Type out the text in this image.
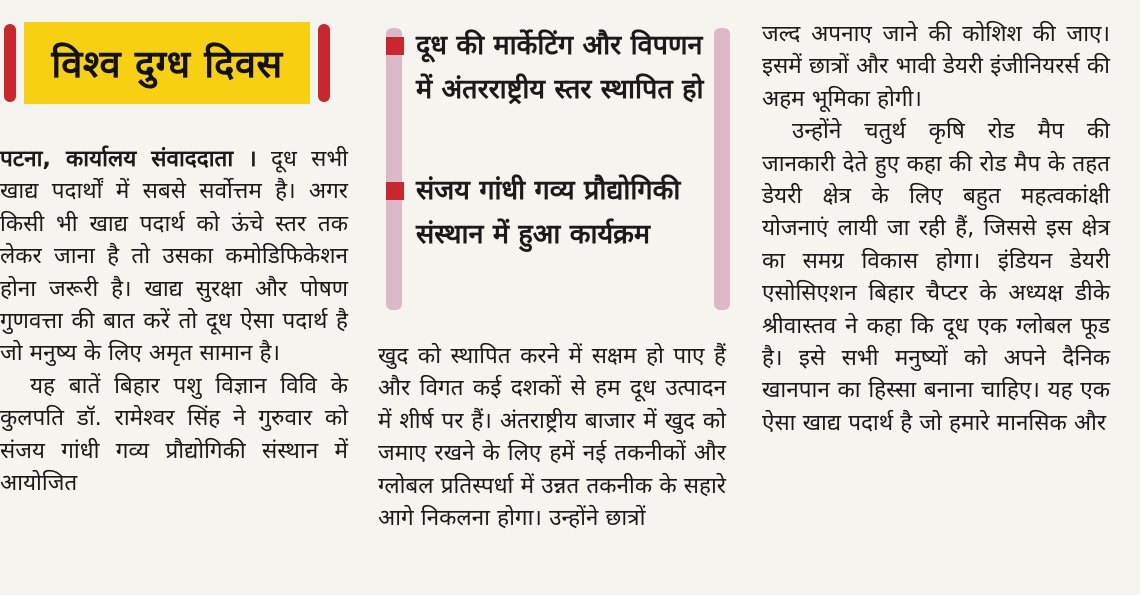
विश्व दुग्ध दिवस
पटना, कार्यालय संवाददाता । दूध सभी खाद्य पदार्थों में सबसे सर्वोत्तम है। अगर किसी भी खाद्य पदार्थ को ऊंचे स्तर तक लेकर जाना है तो उसका कमोडिफिकेशन होना जरूरी है। खाद्य सुरक्षा और पोषण गुणवत्ता की बात करें तो दूध ऐसा पदार्थ है जो मनुष्य के लिए अमृत सामान है।
यह बातें बिहार पशु विज्ञान विवि के कुलपति डॉ. रामेश्वर सिंह ने गुरुवार को संजय गांधी गव्य प्रौद्योगिकी संस्थान में आयोजित
दूध की मार्केटिंग और विपणन में अंतरराष्ट्रीय स्तर स्थापित हो
संजय गांधी गव्य प्रौद्योगिकी संस्थान में हुआ कार्यक्रम
खुद को स्थापित करने में सक्षम हो पाए हैं और विगत कई दशकों से हम दूध उत्पादन में शीर्ष पर हैं। अंतराष्ट्रीय बाजार में खुद को जमाए रखने के लिए हमें नई तकनीकों और ग्लोबल प्रतिस्पर्धा में उन्नत तकनीक के सहारे आगे निकलना होगा। उन्होंने छात्रों
जल्द अपनाए जाने की कोशिश की जाए। इसमें छात्रों और भावी डेयरी इंजीनियरर्स की अहम भूमिका होगी।
उन्होंने चतुर्थ कृषि रोड मैप की जानकारी देते हुए कहा की रोड मैप के तहत डेयरी क्षेत्र के लिए बहुत महत्वकांक्षी योजनाएं लायी जा रही हैं, जिससे इस क्षेत्र का समग्र विकास होगा। इंडियन डेयरी एसोसिएशन बिहार चैप्टर के अध्यक्ष डीके श्रीवास्तव ने कहा कि दूध एक ग्लोबल फूड है। इसे सभी मनुष्यों को अपने दैनिक खानपान का हिस्सा बनाना चाहिए। यह एक ऐसा खाद्य पदार्थ है जो हमारे मानसिक और
